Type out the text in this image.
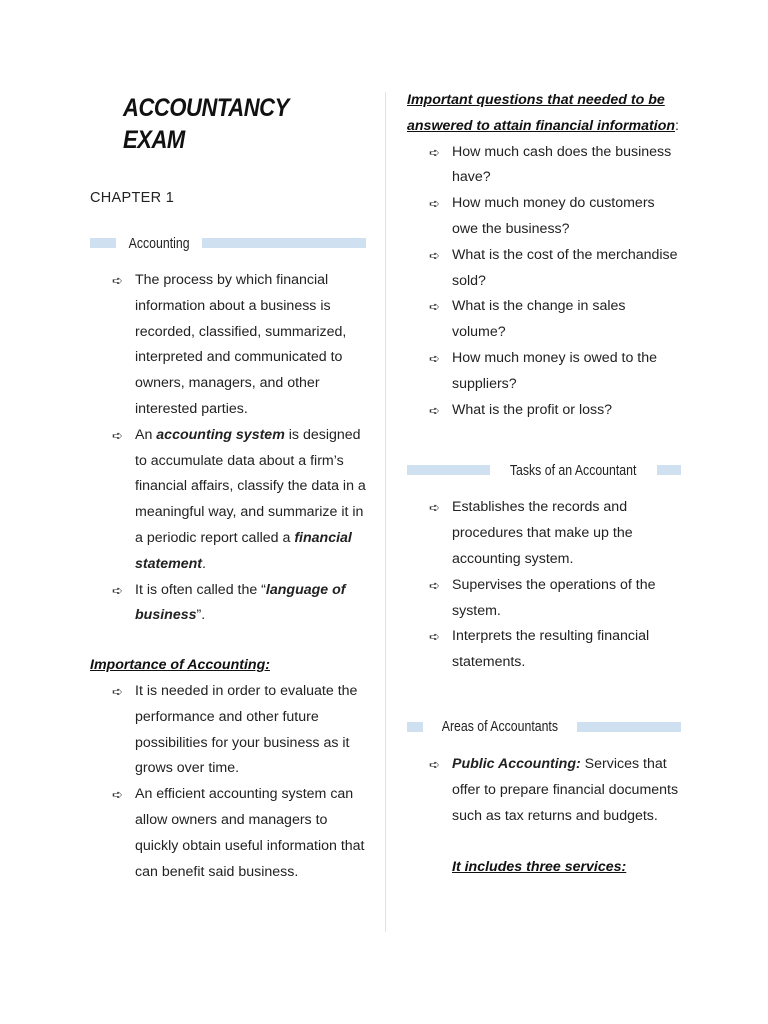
ACCOUNTANCY EXAM
CHAPTER 1
Accounting
➪ The process by which financial information about a business is recorded, classified, summarized, interpreted and communicated to owners, managers, and other interested parties.
➪ An accounting system is designed to accumulate data about a firm’s financial affairs, classify the data in a meaningful way, and summarize it in a periodic report called a financial statement.
➪ It is often called the “language of business”.
Importance of Accounting:
➪ It is needed in order to evaluate the performance and other future possibilities for your business as it grows over time.
➪ An efficient accounting system can allow owners and managers to quickly obtain useful information that can benefit said business.
Important questions that needed to be answered to attain financial information:
➪ How much cash does the business have?
➪ How much money do customers owe the business?
➪ What is the cost of the merchandise sold?
➪ What is the change in sales volume?
➪ How much money is owed to the suppliers?
➪ What is the profit or loss?
Tasks of an Accountant
➪ Establishes the records and procedures that make up the accounting system.
➪ Supervises the operations of the system.
➪ Interprets the resulting financial statements.
Areas of Accountants
➪ Public Accounting: Services that offer to prepare financial documents such as tax returns and budgets.
It includes three services:
